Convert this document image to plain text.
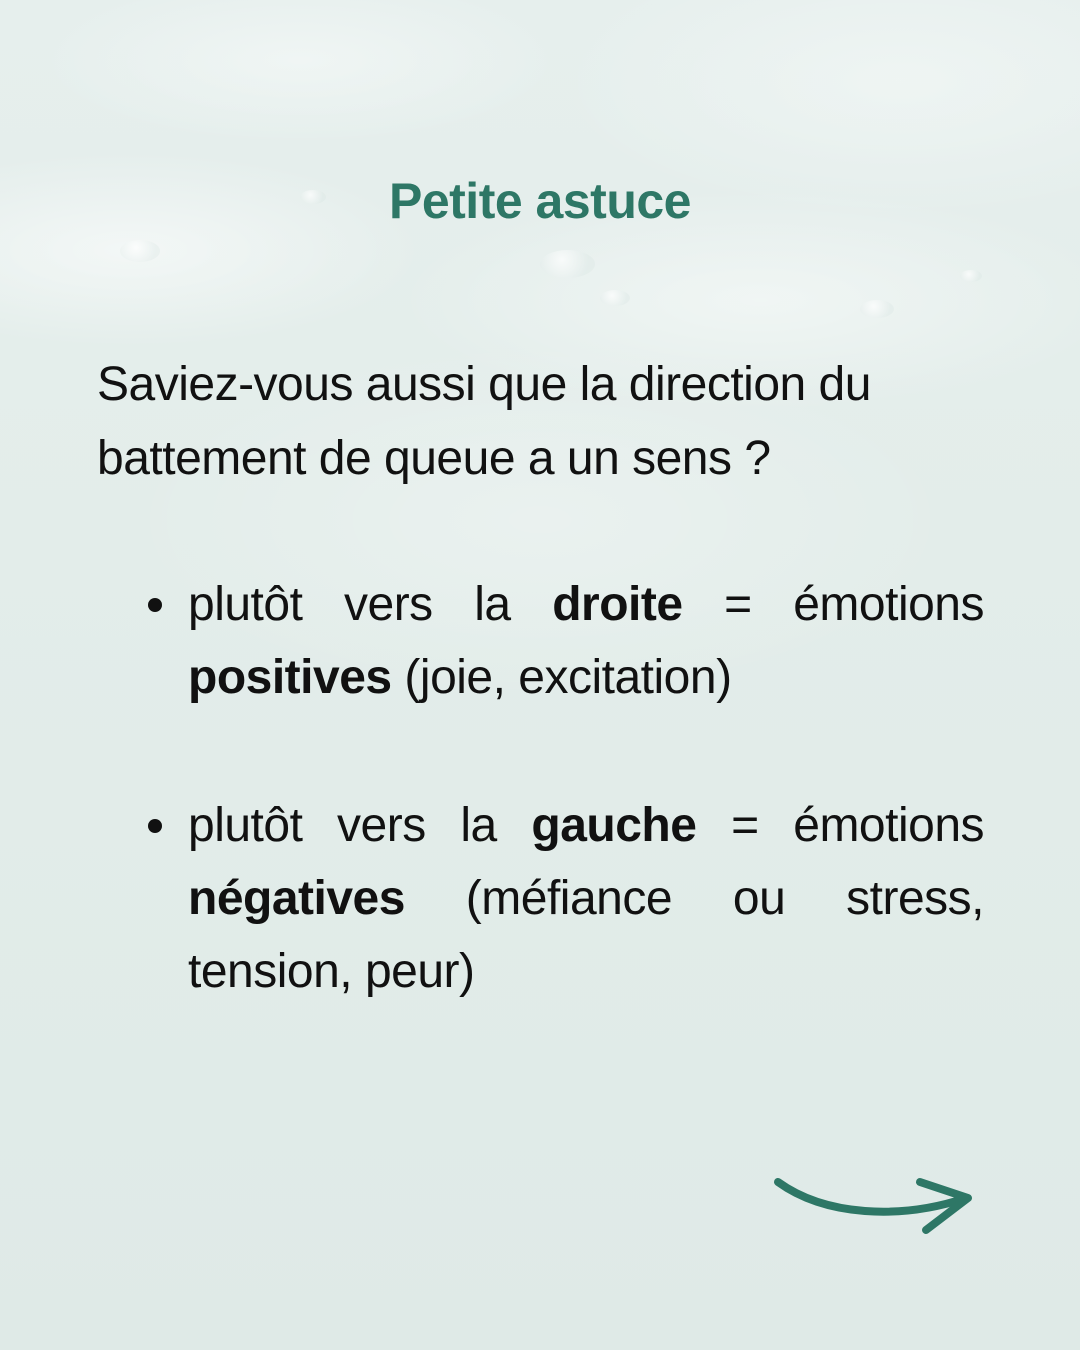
Petite astuce

Saviez-vous aussi que la direction du battement de queue a un sens ?

plutôt vers la droite = émotions positives (joie, excitation)
plutôt vers la gauche = émotions négatives (méfiance ou stress, tension, peur)
